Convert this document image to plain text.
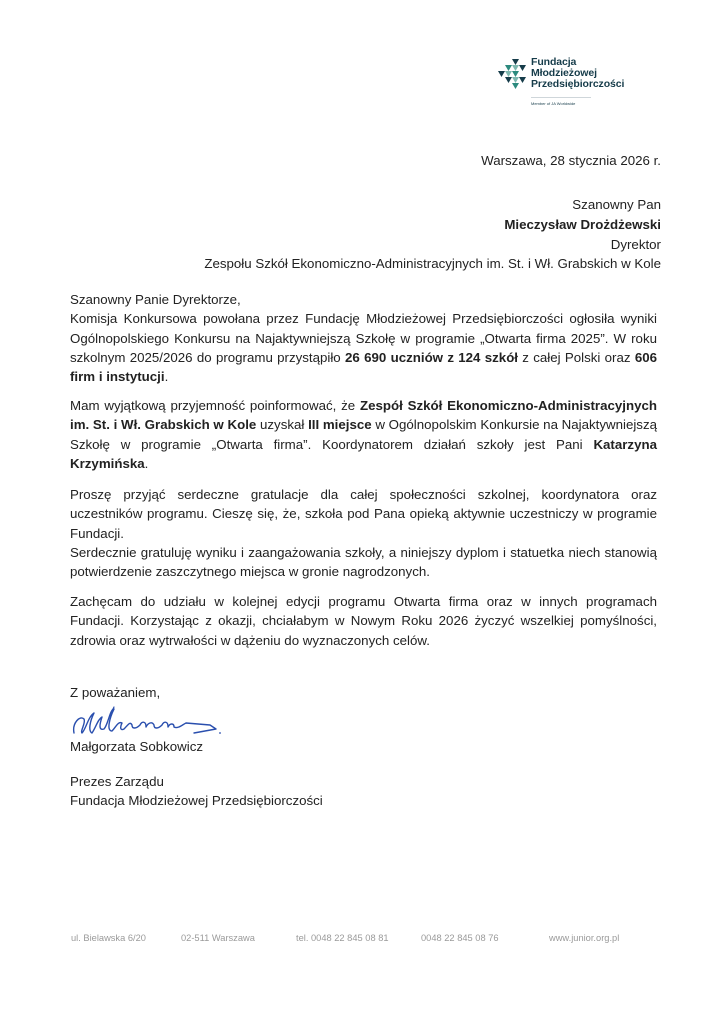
Fundacja
Młodzieżowej
Przedsiębiorczości
Member of JA Worldwide
Warszawa, 28 stycznia 2026 r.
Szanowny Pan
Mieczysław Drożdżewski
Dyrektor
Zespołu Szkół Ekonomiczno-Administracyjnych im. St. i Wł. Grabskich w Kole

Szanowny Panie Dyrektorze,

Komisja Konkursowa powołana przez Fundację Młodzieżowej Przedsiębiorczości ogłosiła wyniki Ogólnopolskiego Konkursu na Najaktywniejszą Szkołę w programie „Otwarta firma 2025”. W roku szkolnym 2025/2026 do programu przystąpiło 26 690 uczniów z 124 szkół z całej Polski oraz 606 firm i instytucji.

Mam wyjątkową przyjemność poinformować, że Zespół Szkół Ekonomiczno-Administracyjnych im. St. i Wł. Grabskich w Kole uzyskał III miejsce w Ogólnopolskim Konkursie na Najaktywniejszą Szkołę w programie „Otwarta firma”. Koordynatorem działań szkoły jest Pani Katarzyna Krzymińska.

Proszę przyjąć serdeczne gratulacje dla całej społeczności szkolnej, koordynatora oraz uczestników programu. Cieszę się, że, szkoła pod Pana opieką aktywnie uczestniczy w programie Fundacji.
Serdecznie gratuluję wyniku i zaangażowania szkoły, a niniejszy dyplom i statuetka niech stanowią potwierdzenie zaszczytnego miejsca w gronie nagrodzonych.
Zachęcam do udziału w kolejnej edycji programu Otwarta firma oraz w innych programach Fundacji. Korzystając z okazji, chciałabym w Nowym Roku 2026 życzyć wszelkiej pomyślności, zdrowia oraz wytrwałości w dążeniu do wyznaczonych celów.
Z poważaniem,
Małgorzata Sobkowicz
Prezes Zarządu
Fundacja Młodzieżowej Przedsiębiorczości
ul. Bielawska 6/20	02-511 Warszawa	tel. 0048 22 845 08 81	0048 22 845 08 76	www.junior.org.pl
